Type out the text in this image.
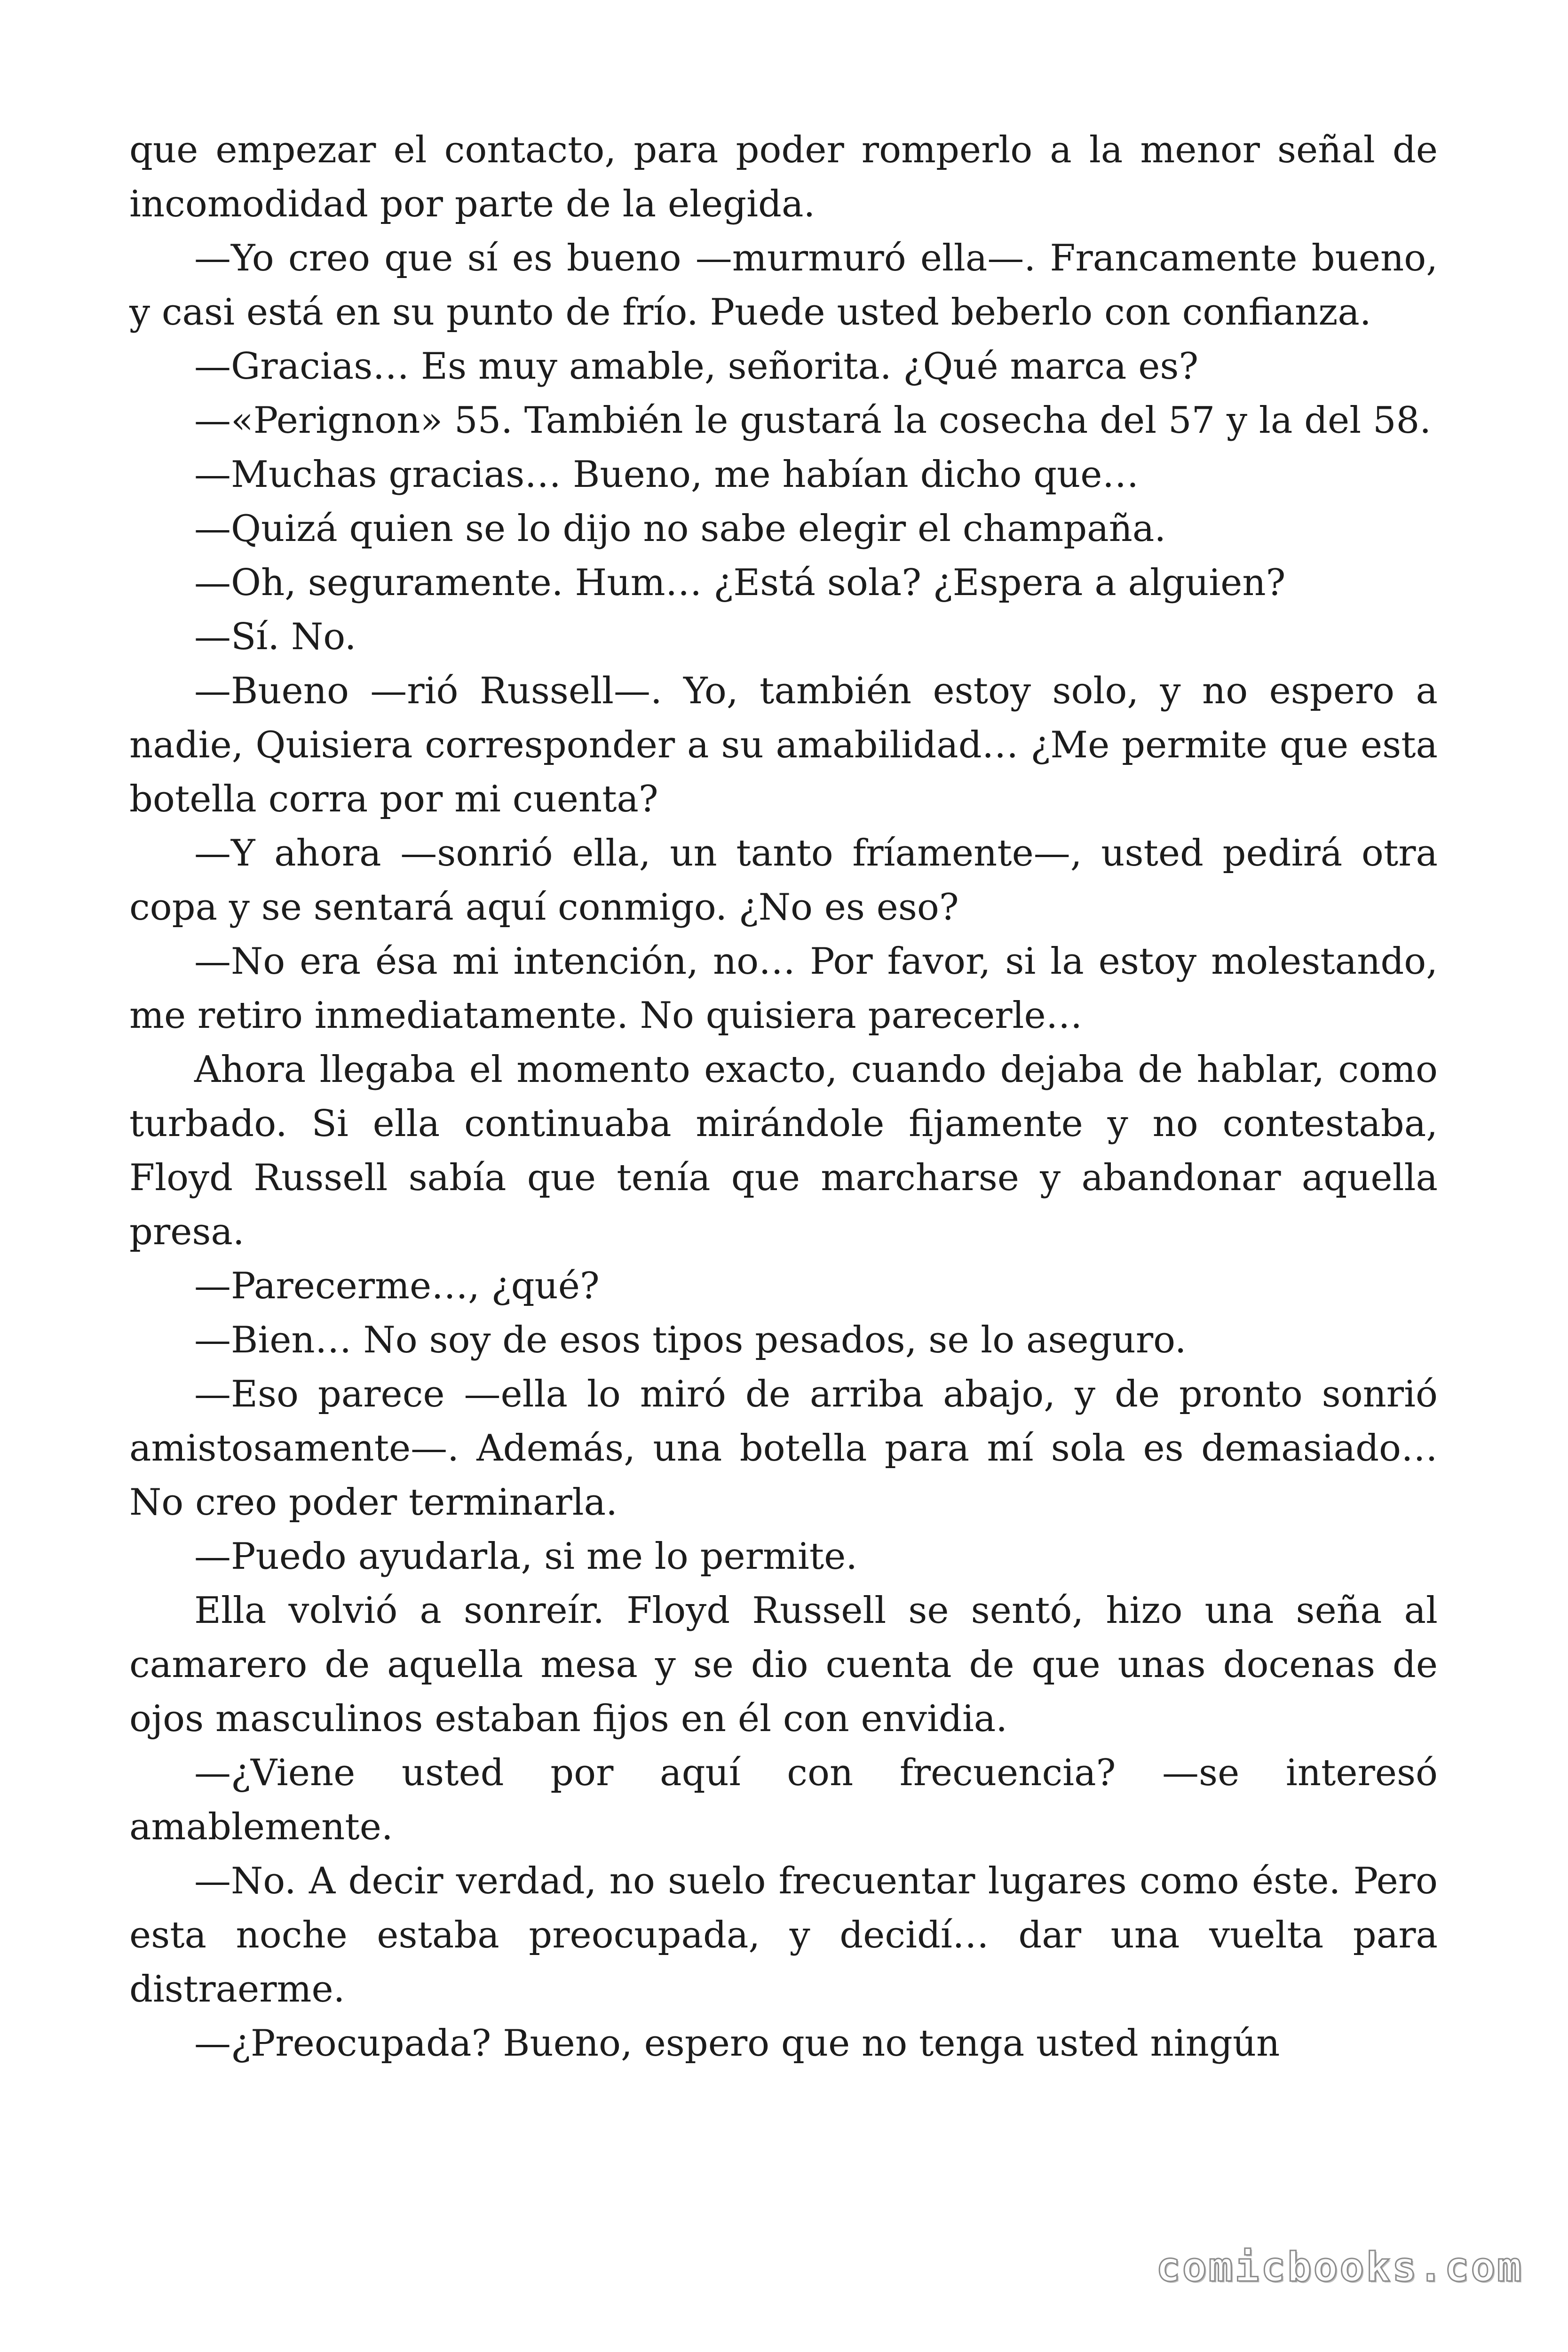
que empezar el contacto, para poder romperlo a la menor señal de incomodidad por parte de la elegida.

—Yo creo que sí es bueno —murmuró ella—. Francamente bueno, y casi está en su punto de frío. Puede usted beberlo con confianza.

—Gracias… Es muy amable, señorita. ¿Qué marca es?

—«Perignon» 55. También le gustará la cosecha del 57 y la del 58.

—Muchas gracias… Bueno, me habían dicho que…

—Quizá quien se lo dijo no sabe elegir el champaña.

—Oh, seguramente. Hum… ¿Está sola? ¿Espera a alguien?

—Sí. No.

—Bueno —rió Russell—. Yo, también estoy solo, y no espero a nadie, Quisiera corresponder a su amabilidad… ¿Me permite que esta botella corra por mi cuenta?

—Y ahora —sonrió ella, un tanto fríamente—, usted pedirá otra copa y se sentará aquí conmigo. ¿No es eso?

—No era ésa mi intención, no… Por favor, si la estoy molestando, me retiro inmediatamente. No quisiera parecerle…

Ahora llegaba el momento exacto, cuando dejaba de hablar, como turbado. Si ella continuaba mirándole fijamente y no contestaba, Floyd Russell sabía que tenía que marcharse y abandonar aquella presa.

—Parecerme…, ¿qué?

—Bien… No soy de esos tipos pesados, se lo aseguro.

—Eso parece —ella lo miró de arriba abajo, y de pronto sonrió amistosamente—. Además, una botella para mí sola es demasiado… No creo poder terminarla.

—Puedo ayudarla, si me lo permite.

Ella volvió a sonreír. Floyd Russell se sentó, hizo una seña al camarero de aquella mesa y se dio cuenta de que unas docenas de ojos masculinos estaban fijos en él con envidia.

—¿Viene usted por aquí con frecuencia? —se interesó amablemente.

—No. A decir verdad, no suelo frecuentar lugares como éste. Pero esta noche estaba preocupada, y decidí… dar una vuelta para distraerme.

—¿Preocupada? Bueno, espero que no tenga usted ningún

comicbooks.com
